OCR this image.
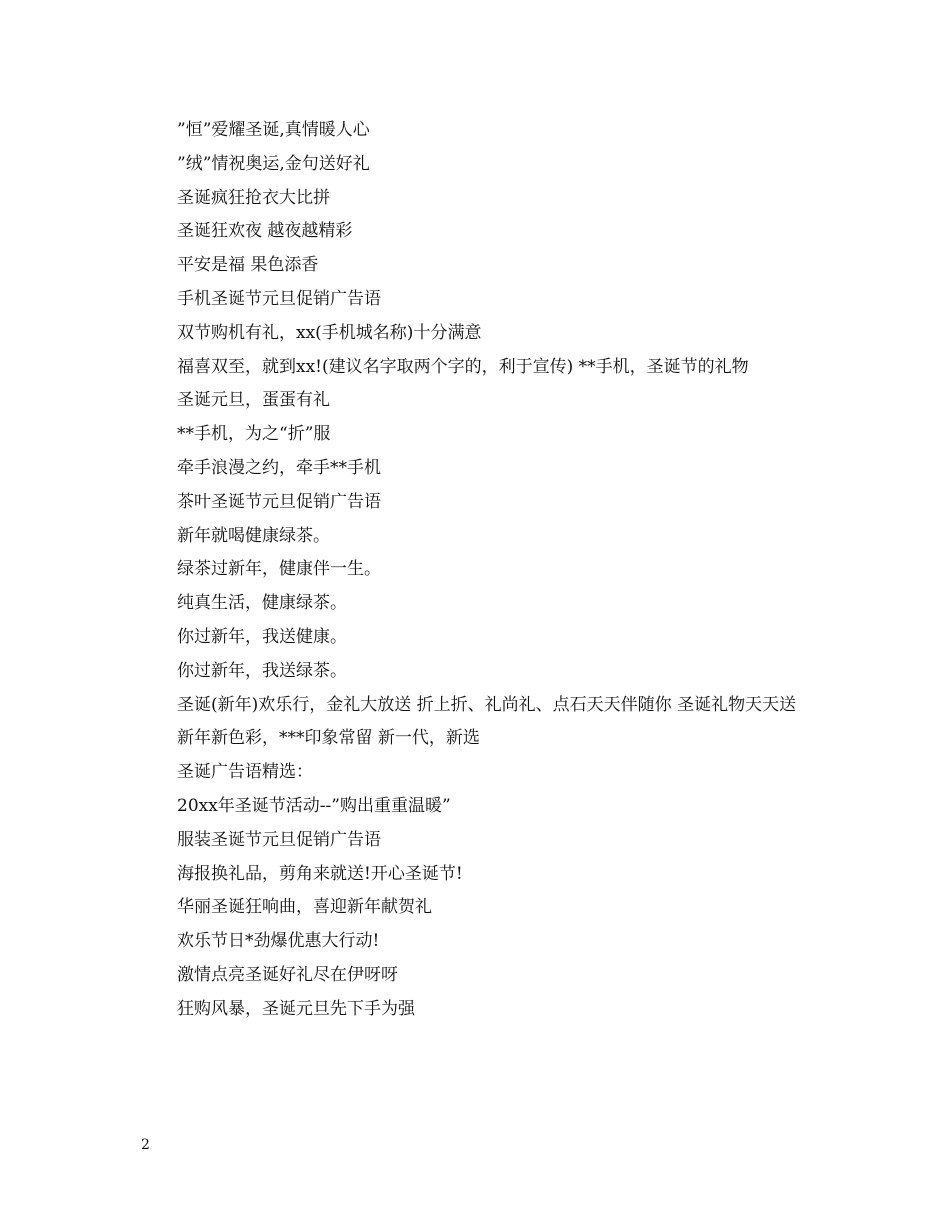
”恒”爱耀圣诞,真情暖人心

”绒”情祝奥运,金句送好礼

圣诞疯狂抢衣大比拼

圣诞狂欢夜 越夜越精彩

平安是福 果色添香

手机圣诞节元旦促销广告语

双节购机有礼，xx(手机城名称)十分满意

福喜双至，就到xx!(建议名字取两个字的，利于宣传) **手机，圣诞节的礼物

圣诞元旦，蛋蛋有礼

**手机，为之“折”服

牵手浪漫之约，牵手**手机

茶叶圣诞节元旦促销广告语

新年就喝健康绿茶。

绿茶过新年，健康伴一生。

纯真生活，健康绿茶。

你过新年，我送健康。

你过新年，我送绿茶。

圣诞(新年)欢乐行，金礼大放送 折上折、礼尚礼、点石天天伴随你 圣诞礼物天天送

新年新色彩，***印象常留 新一代，新选

圣诞广告语精选：

20xx年圣诞节活动--”购出重重温暖”

服装圣诞节元旦促销广告语

海报换礼品，剪角来就送!开心圣诞节!

华丽圣诞狂响曲，喜迎新年献贺礼

欢乐节日*劲爆优惠大行动!

激情点亮圣诞好礼尽在伊呀呀

狂购风暴，圣诞元旦先下手为强

2
